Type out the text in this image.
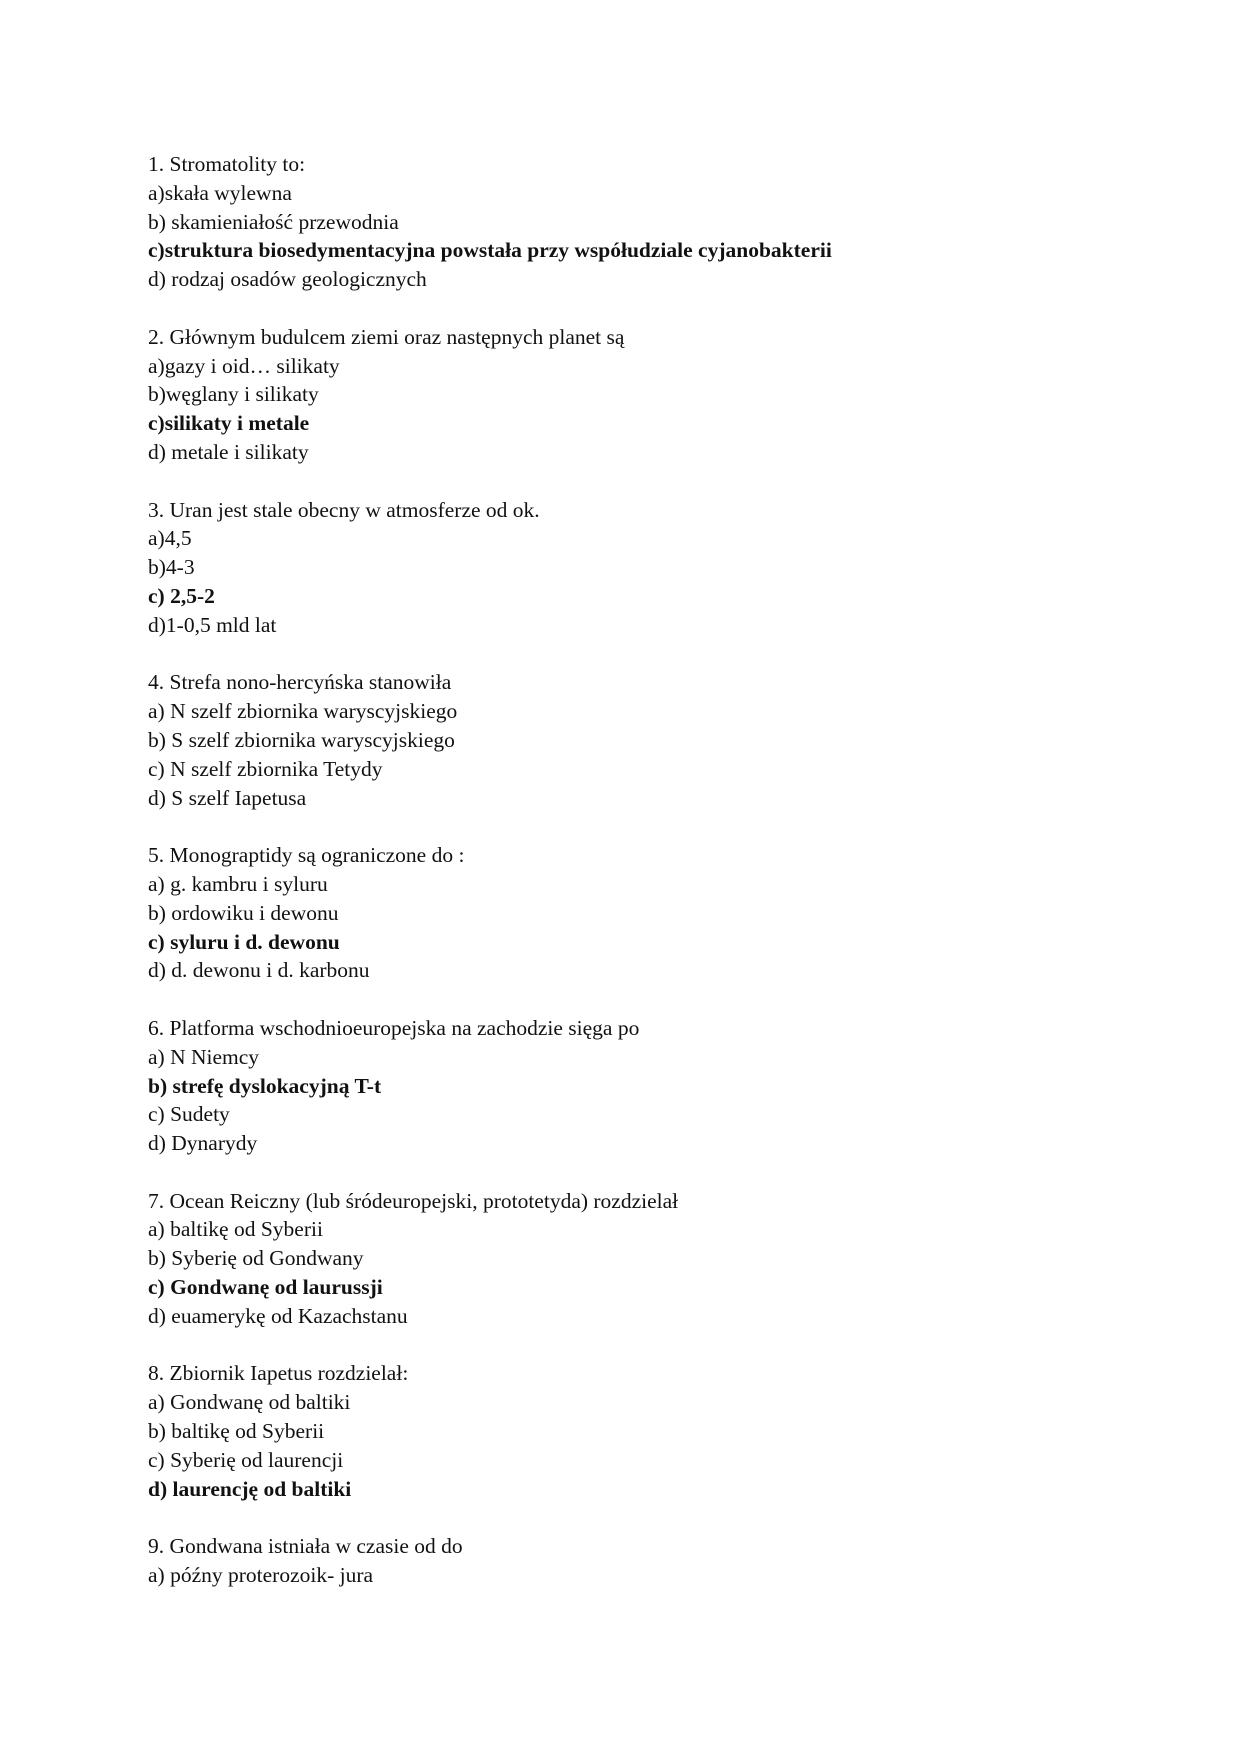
1. Stromatolity to:
a)skała wylewna
b) skamieniałość przewodnia
c)struktura biosedymentacyjna powstała przy współudziale cyjanobakterii
d) rodzaj osadów geologicznych
2. Głównym budulcem ziemi oraz następnych planet są
a)gazy i oid… silikaty
b)węglany i silikaty
c)silikaty i metale
d) metale i silikaty
3. Uran jest stale obecny w atmosferze od ok.
a)4,5
b)4-3
c) 2,5-2
d)1-0,5 mld lat
4. Strefa nono-hercyńska stanowiła
a) N szelf zbiornika waryscyjskiego
b) S szelf zbiornika waryscyjskiego
c) N szelf zbiornika Tetydy
d) S szelf Iapetusa
5. Monograptidy są ograniczone do :
a) g. kambru i syluru
b) ordowiku i dewonu
c) syluru i d. dewonu
d) d. dewonu i d. karbonu
6. Platforma wschodnioeuropejska na zachodzie sięga po
a) N Niemcy
b) strefę dyslokacyjną T-t
c) Sudety
d) Dynarydy
7. Ocean Reiczny (lub śródeuropejski, prototetyda) rozdzielał
a) baltikę od Syberii
b) Syberię od Gondwany
c) Gondwanę od laurussji
d) euamerykę od Kazachstanu
8. Zbiornik Iapetus rozdzielał:
a) Gondwanę od baltiki
b) baltikę od Syberii
c) Syberię od laurencji
d) laurencję od baltiki
9. Gondwana istniała w czasie od do
a) późny proterozoik- jura
